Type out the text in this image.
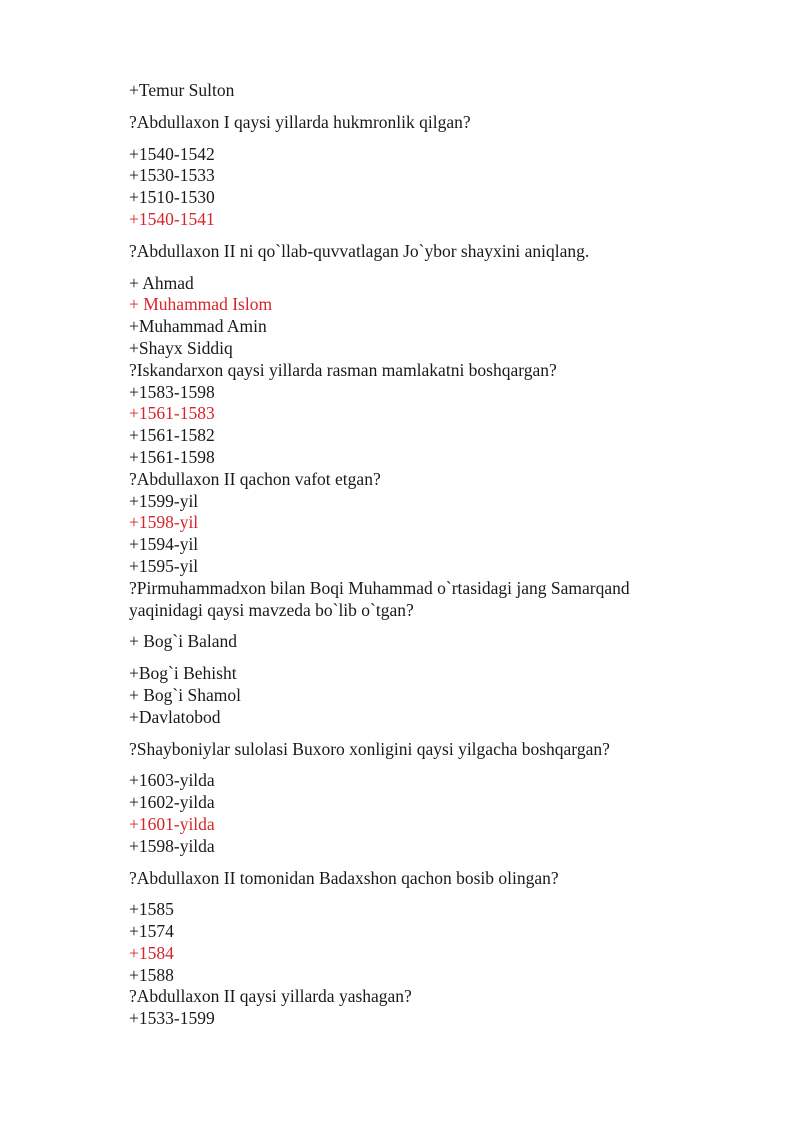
+Temur Sulton
?Abdullaxon I qaysi yillarda hukmronlik qilgan?
+1540-1542
+1530-1533
+1510-1530
+1540-1541
?Abdullaxon II ni qo`llab-quvvatlagan Jo`ybor shayxini aniqlang.
+ Ahmad
+ Muhammad Islom
+Muhammad Amin
+Shayx Siddiq
?Iskandarxon qaysi yillarda rasman mamlakatni boshqargan?
+1583-1598
+1561-1583
+1561-1582
+1561-1598
?Abdullaxon II qachon vafot etgan?
+1599-yil
+1598-yil
+1594-yil
+1595-yil
?Pirmuhammadxon bilan Boqi Muhammad o`rtasidagi jang Samarqand yaqinidagi qaysi mavzeda bo`lib o`tgan?
+ Bog`i Baland
+Bog`i Behisht
+ Bog`i Shamol
+Davlatobod
?Shayboniylar sulolasi Buxoro xonligini qaysi yilgacha boshqargan?
+1603-yilda
+1602-yilda
+1601-yilda
+1598-yilda
?Abdullaxon II tomonidan Badaxshon qachon bosib olingan?
+1585
+1574
+1584
+1588
?Abdullaxon II qaysi yillarda yashagan?
+1533-1599
